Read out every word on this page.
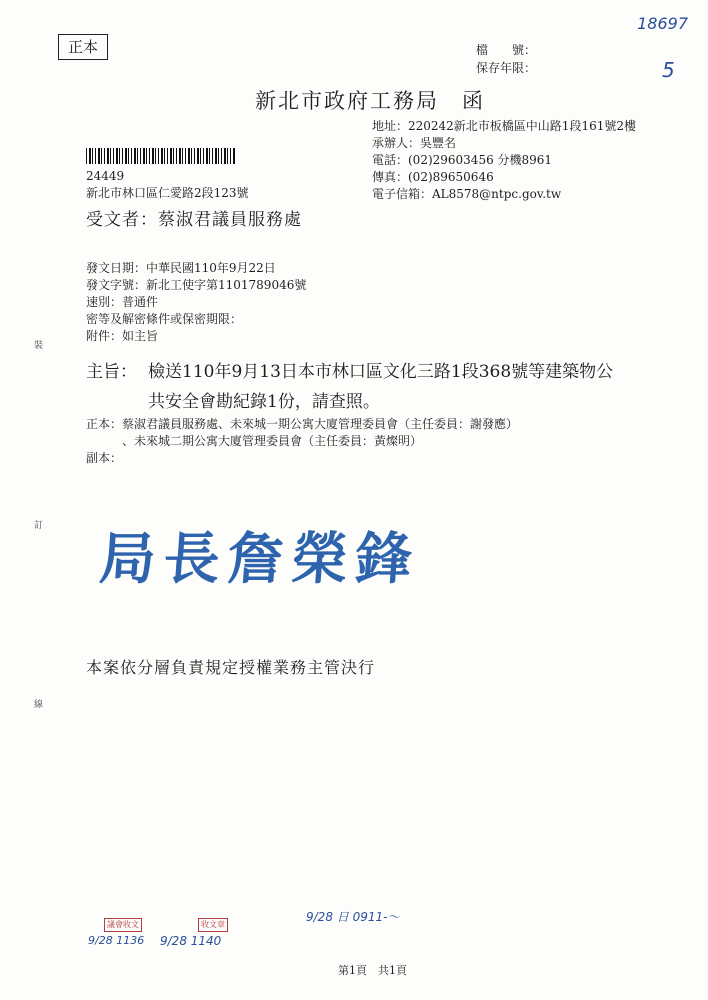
18697
正本	檔　　號：
保存年限：	5
新北市政府工務局　函
地址：220242新北市板橋區中山路1段161號2樓
承辦人：吳豐名
電話：(02)29603456 分機8961
傳真：(02)89650646
電子信箱：AL8578@ntpc.gov.tw
24449
新北市林口區仁愛路2段123號
受文者：蔡淑君議員服務處
發文日期：中華民國110年9月22日
發文字號：新北工使字第1101789046號
速別：普通件
密等及解密條件或保密期限：
附件：如主旨
主旨： 檢送110年9月13日本市林口區文化三路1段368號等建築物公
共安全會勘紀錄1份，請查照。
正本：蔡淑君議員服務處、未來城一期公寓大廈管理委員會（主任委員：謝發應）
、未來城二期公寓大廈管理委員會（主任委員：黃燦明）
副本：
局長詹榮鋒
本案依分層負責規定授權業務主管決行
裝
訂
線
議會收文
9/28 1136
收文章
9/28 1140
9/28 日 0911-〜
第1頁　共1頁
